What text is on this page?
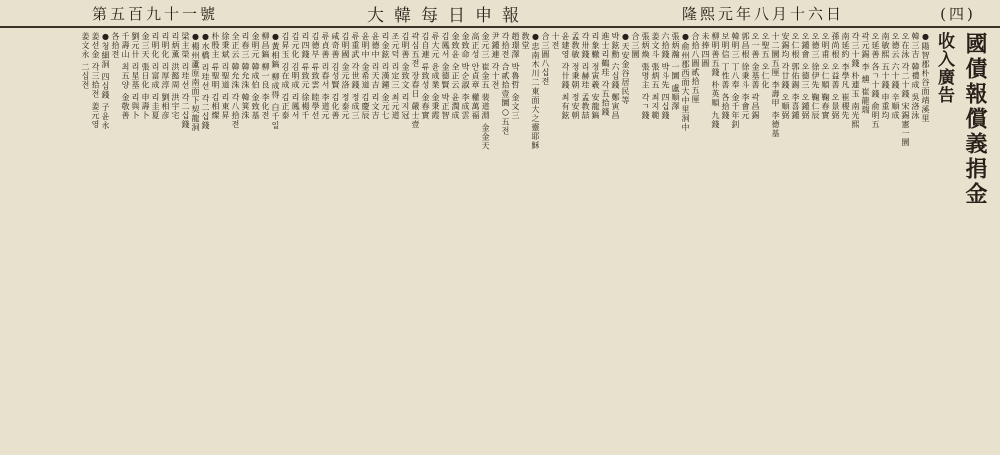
(四)
隆熙元年八月十六日
大韓每日申報
第五百九十一號
國債報償義捐金
收入廣告
●陽智郡朴谷面靖溪里
韓三吉 韓禮成 吳洛泳
오在泳 각二十錢 宋錫憲一圜
오德云 六十錢 辛順成
南敏熙 五十錢 申重均
오延善 各ㄱ十錢 俞明五
곽元錫 李 燻 崔龍瑞
각三十錢 朴連玉 南光熙
南延約 李學凡 崔稷先
孫尚根 오益善 오景弼
오明甫 오仁順 鞠春實
오德三 徐伊先 鞠仁辰
오鍾會 오德三 오鍾弼
오仁根 郭佑錫 李喜鍾
安錫均 각廿錢 오順弼
十二圜五厘 李壽甲 李德基
오聖五 오仁化
오一善 金基善 곽昌錫
郭昌根 徐秉斗 李會元
韓明三 丁八奉 金千年釗
보明信 丁性善 各拾錢
柳明善五錢 朴英順 九錢
未捧四圓
合拾八圓貳拾五厘
●俞州郡西面大中里洞中
張炳瀚 一圜 盧順澤
六拾錢 박斗先 四십錢
姜文斗 張炳五 최지範
張炳煥 張명主 각ㄱ錢
合三圜
●天安金谷居民等
박鉉勳 六십錢 鄭寅昌
進士리鶴珪 각五拾錢
리象轍 정寅羲 安龍鎬
각卅錢 리赫珪 孟教喆
孟敎敏 정秉朝 정安朝
윤建영 각卄錢 최有鉉
十전
合三圓八십전
●忠南木川二東面大之靈耶穌
敎堂
趙璟澤 박魯哲 金文三
각拾전 合貳拾壹圜○五전
尹鍾連 각十전
金元三 崔金五 裴道淵 金金天
高正성 안貞章 權萬福
金致命 박순淑 李成雲
金致윤 全正云 윤潤成
김鳳서 金德賢 박正智
류大元 윤成業 金秉霞
김自連 류致성 金春實
곽심五전 장春日 嚴士壹
김明善 金致文 리지冠
조元덕 리定三 최元道
리金鉉 리漢鐘 金元七
윤德中 리天吉 리文吉
윤明中 金希道 김慶辰
류重武 각世錢 정成三
김明國 金元洛 정泰元
咸奇善 김성賢 김化善
류貞善 리春서 李道元
김德부 류致雲 睦學선
리四錢 류致元 徐楊千
김元化 김明成 리鳳서
김昇玉 김在成 김正泰
●黃相鎬 柳成得 白千일
柳昌鎬 柳一良 李化전
金明元 韓成伯 金致基
리春三 韓允洙 韓箕洙
全正云 韓允洙 각八拾전
徐秉斌 리聖道 리東昇
朴殷主 류聖明 김相燦
●水橋 리珪선 각二십錢
●楊州蘆原南面下契龍洞
梁主榮 리珪선 각二십錢
리炳薰 洪懿周 洪宇宅
리明化 리厚淳 劉相彦
리明化 리富成 리圭夏
金三天 張日化 申壽卜
劉元卄 리星基 리與卜
千壽山 최五양 金敬善
各拾전
●청細洞 四십錢 子윤永
姜선金 각三拾전 姜元영
姜文永 二십전
